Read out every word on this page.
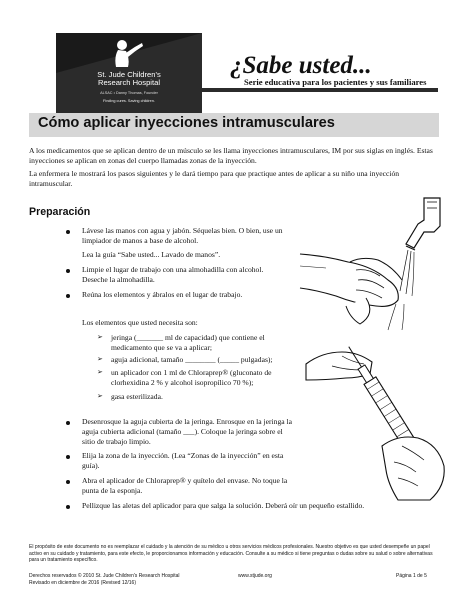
St. Jude Children's
Research Hospital
ALSAC • Danny Thomas, Founder
Finding cures. Saving children.
¿Sabe usted...
Serie educativa para los pacientes y sus familiares
Cómo aplicar inyecciones intramusculares
A los medicamentos que se aplican dentro de un músculo se les llama inyecciones intramusculares, IM por sus siglas en inglés. Estas inyecciones se aplican en zonas del cuerpo llamadas zonas de la inyección.
La enfermera le mostrará los pasos siguientes y le dará tiempo para que practique antes de aplicar a su niño una inyección intramuscular.
Preparación
Lávese las manos con agua y jabón. Séquelas bien. O bien, use un limpiador de manos a base de alcohol.
Lea la guía “Sabe usted... Lavado de manos”.
Limpie el lugar de trabajo con una almohadilla con alcohol. Deseche la almohadilla.
Reúna los elementos y ábralos en el lugar de trabajo.
Los elementos que usted necesita son:
➢ jeringa (_______ ml de capacidad) que contiene el medicamento que se va a aplicar;
➢ aguja adicional, tamaño ________ (_____ pulgadas);
➢ un aplicador con 1 ml de Chloraprep® (gluconato de clorhexidina 2 % y alcohol isopropílico 70 %);
➢ gasa esterilizada.
Desenrosque la aguja cubierta de la jeringa. Enrosque en la jeringa la aguja cubierta adicional (tamaño ___). Coloque la jeringa sobre el sitio de trabajo limpio.
Elija la zona de la inyección. (Lea “Zonas de la inyección” en esta guía).
Abra el aplicador de Chloraprep® y quítelo del envase. No toque la punta de la esponja.
Pellizque las aletas del aplicador para que salga la solución. Deberá oír un pequeño estallido.
El propósito de este documento no es reemplazar el cuidado y la atención de su médico u otros servicios médicos profesionales. Nuestro objetivo es que usted desempeñe un papel activo en su cuidado y tratamiento, para este efecto, le proporcionamos información y educación. Consulte a su médico si tiene preguntas o dudas sobre su salud o sobre alternativas para un tratamiento específico.
Derechos reservados © 2010 St. Jude Children's Research Hospital	www.stjude.org	Página 1 de 5
Revisado en diciembre de 2016 (Revised 12/16)
